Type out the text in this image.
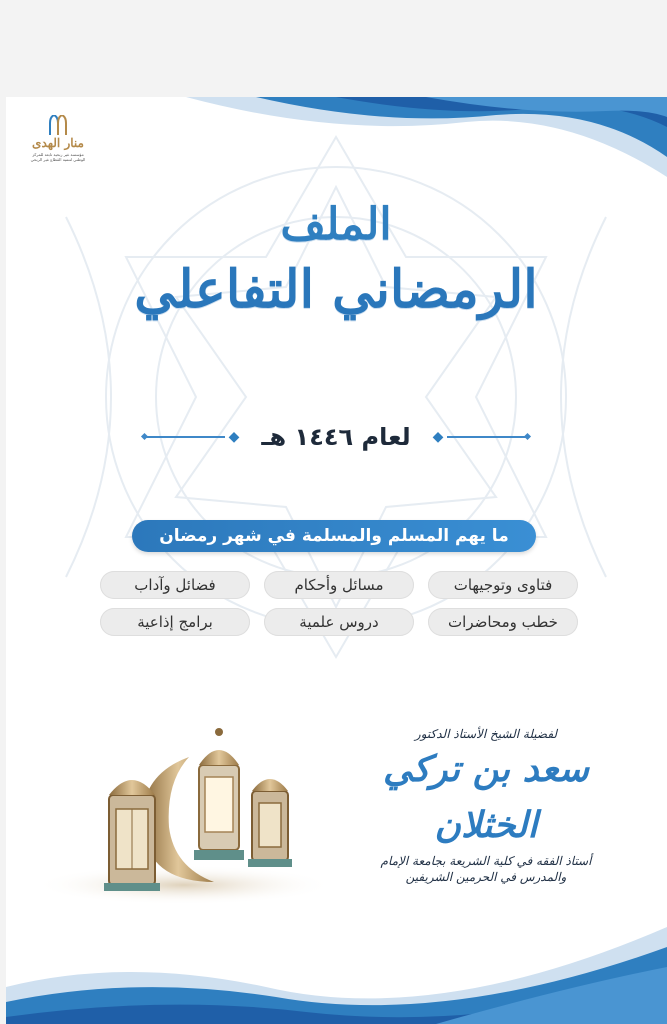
منار الهدى
مؤسسة غير ربحية تابعة للمركز الوطني لتنمية القطاع غير الربحي
الملف
الرمضاني التفاعلي
◆ لعام ١٤٤٦ هـ ◆
ما يهم المسلم والمسلمة في شهر رمضان
فتاوى وتوجيهات
مسائل وأحكام
فضائل وآداب
خطب ومحاضرات
دروس علمية
برامج إذاعية
لفضيلة الشيخ الأستاذ الدكتور
سعد بن تركي الخثلان
أستاذ الفقه في كلية الشريعة بجامعة الإمام
والمدرس في الحرمين الشريفين
